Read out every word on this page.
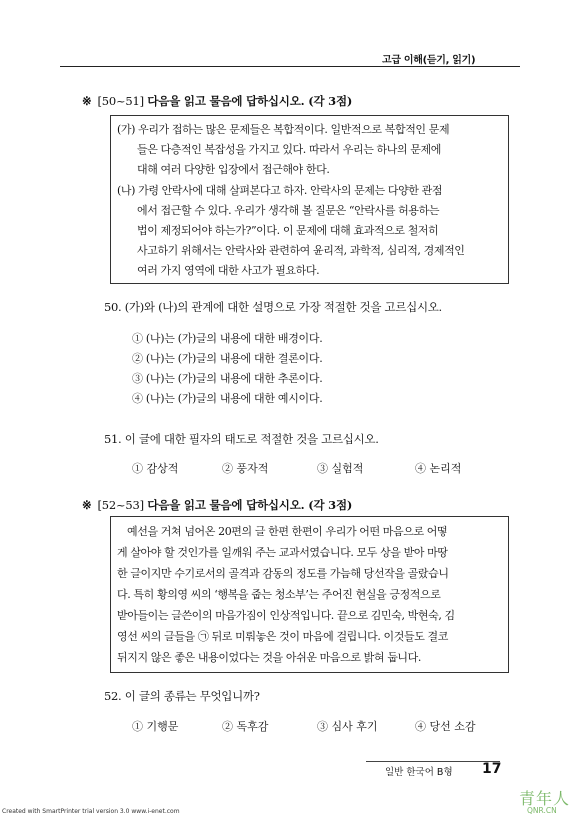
고급 이해(듣기, 읽기)
※ [50~51] 다음을 읽고 물음에 답하십시오. (각 3점)
(가) 우리가 접하는 많은 문제들은 복합적이다. 일반적으로 복합적인 문제
들은 다층적인 복잡성을 가지고 있다. 따라서 우리는 하나의 문제에
대해 여러 다양한 입장에서 접근해야 한다.
(나) 가령 안락사에 대해 살펴본다고 하자. 안락사의 문제는 다양한 관점
에서 접근할 수 있다. 우리가 생각해 볼 질문은 “안락사를 허용하는
법이 제정되어야 하는가?”이다. 이 문제에 대해 효과적으로 철저히
사고하기 위해서는 안락사와 관련하여 윤리적, 과학적, 심리적, 경제적인
여러 가지 영역에 대한 사고가 필요하다.
50. (가)와 (나)의 관계에 대한 설명으로 가장 적절한 것을 고르십시오.
① (나)는 (가)글의 내용에 대한 배경이다.
② (나)는 (가)글의 내용에 대한 결론이다.
③ (나)는 (가)글의 내용에 대한 추론이다.
④ (나)는 (가)글의 내용에 대한 예시이다.
51. 이 글에 대한 필자의 태도로 적절한 것을 고르십시오.
① 감상적	② 풍자적	③ 실험적	④ 논리적
※ [52~53] 다음을 읽고 물음에 답하십시오. (각 3점)
예선을 거쳐 넘어온 20편의 글 한편 한편이 우리가 어떤 마음으로 어떻
게 살아야 할 것인가를 일깨워 주는 교과서였습니다. 모두 상을 받아 마땅
한 글이지만 수기로서의 골격과 감동의 정도를 가늠해 당선작을 골랐습니
다. 특히 황의영 씨의 ‘행복을 줍는 청소부’는 주어진 현실을 긍정적으로
받아들이는 글쓴이의 마음가짐이 인상적입니다. 끝으로 김민숙, 박현숙, 김
영선 씨의 글들을 ㉠ 뒤로 미뤄놓은 것이 마음에 걸립니다. 이것들도 결코
뒤지지 않은 좋은 내용이었다는 것을 아쉬운 마음으로 밝혀 둡니다.
52. 이 글의 종류는 무엇입니까?
① 기행문	② 독후감	③ 심사 후기	④ 당선 소감
일반 한국어 B형 17
青年人
QNR.CN
Created with SmartPrinter trial version 3.0 www.i-enet.com
